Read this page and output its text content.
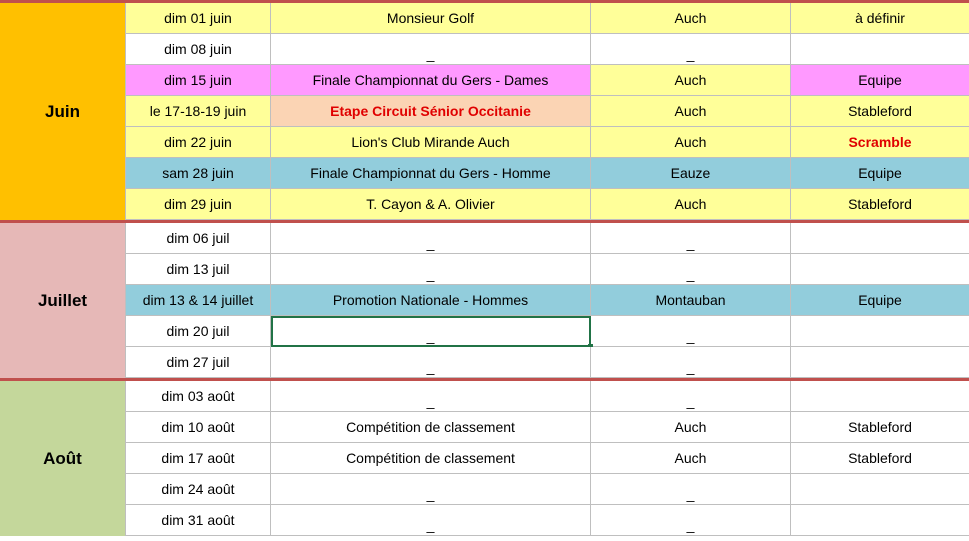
Juin
dim 01 juin	Monsieur Golf	Auch	à définir
dim 08 juin	_	_
dim 15 juin	Finale Championnat du Gers - Dames	Auch	Equipe
le 17-18-19 juin	Etape Circuit Sénior Occitanie	Auch	Stableford
dim 22 juin	Lion's Club Mirande Auch	Auch	Scramble
sam 28 juin	Finale Championnat du Gers - Homme	Eauze	Equipe
dim 29 juin	T. Cayon & A. Olivier	Auch	Stableford
Juillet
dim 06 juil	_	_
dim 13 juil	_	_
dim 13 & 14 juillet	Promotion Nationale - Hommes	Montauban	Equipe
dim 20 juil	_	_
dim 27 juil	_	_
Août
dim 03 août	_	_
dim 10 août	Compétition de classement	Auch	Stableford
dim 17 août	Compétition de classement	Auch	Stableford
dim 24 août	_	_
dim 31 août	_	_
